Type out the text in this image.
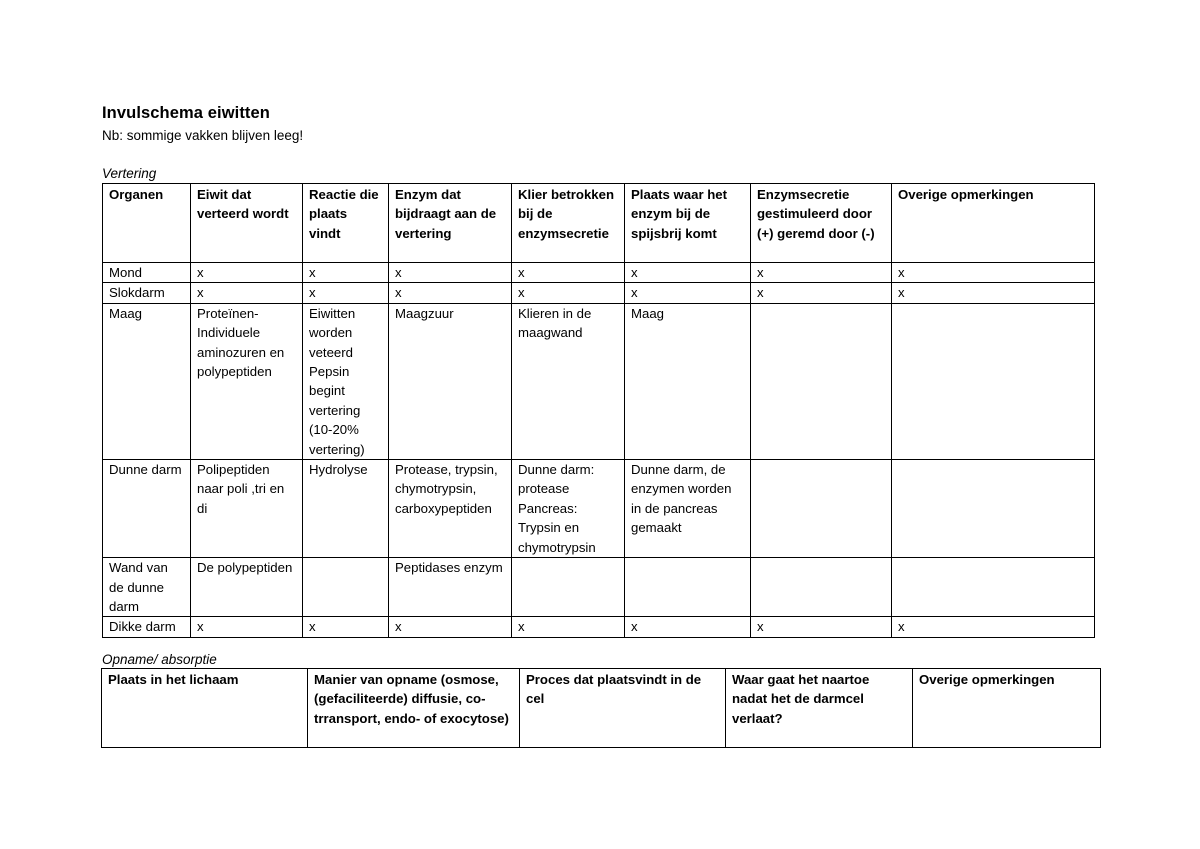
Invulschema eiwitten
Nb: sommige vakken blijven leeg!
Vertering
Organen	Eiwit dat verteerd wordt	Reactie die plaats vindt	Enzym dat bijdraagt aan de vertering	Klier betrokken bij de enzymsecretie	Plaats waar het enzym bij de spijsbrij komt	Enzymsecretie gestimuleerd door (+) geremd door (-)	Overige opmerkingen
Mond	x	x	x	x	x	x	x
Slokdarm	x	x	x	x	x	x	x
Maag	Proteïnen- Individuele aminozuren en polypeptiden	Eiwitten worden veteerd Pepsin begint vertering (10-20% vertering)	Maagzuur	Klieren in de maagwand	Maag		
Dunne darm	Polipeptiden naar poli ,tri en di	Hydrolyse	Protease, trypsin, chymotrypsin, carboxypeptiden	Dunne darm: protease Pancreas: Trypsin en chymotrypsin	Dunne darm, de enzymen worden in de pancreas gemaakt		
Wand van de dunne darm	De polypeptiden		Peptidases enzym				
Dikke darm	x	x	x	x	x	x	x
Opname/ absorptie
Plaats in het lichaam	Manier van opname (osmose, (gefaciliteerde) diffusie, co-trransport, endo- of exocytose)	Proces dat plaatsvindt in de cel	Waar gaat het naartoe nadat het de darmcel verlaat?	Overige opmerkingen
